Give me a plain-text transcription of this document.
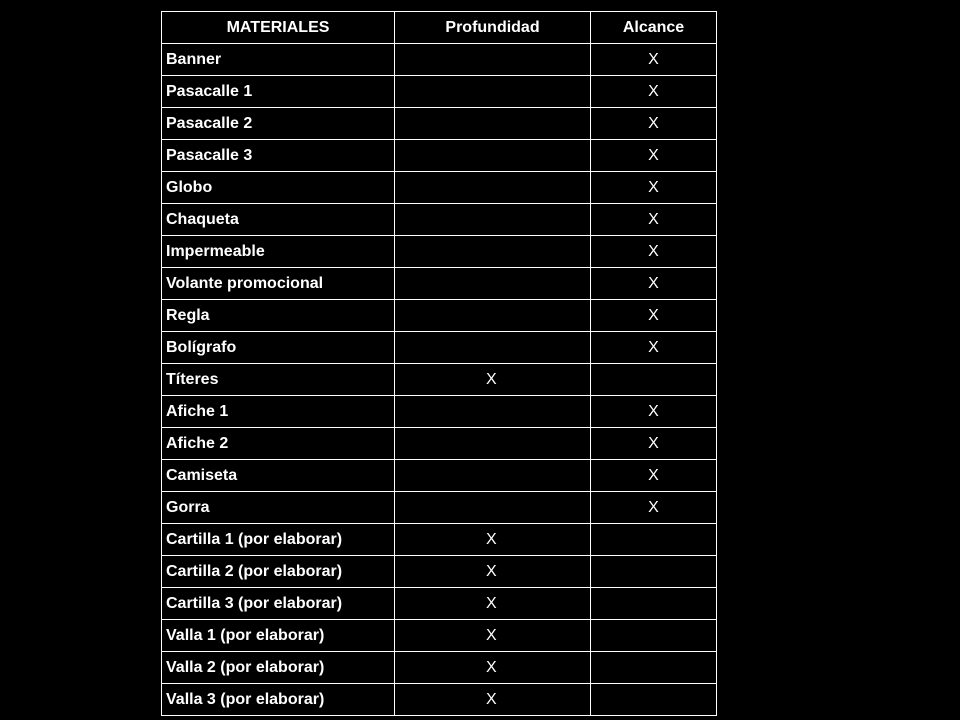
MATERIALES	Profundidad	Alcance
Banner		X
Pasacalle 1		X
Pasacalle 2		X
Pasacalle 3		X
Globo		X
Chaqueta		X
Impermeable		X
Volante promocional		X
Regla		X
Bolígrafo		X
Títeres	X	
Afiche 1		X
Afiche 2		X
Camiseta		X
Gorra		X
Cartilla 1 (por elaborar)	X	
Cartilla 2 (por elaborar)	X	
Cartilla 3 (por elaborar)	X	
Valla 1 (por elaborar)	X	
Valla 2 (por elaborar)	X	
Valla 3 (por elaborar)	X	
